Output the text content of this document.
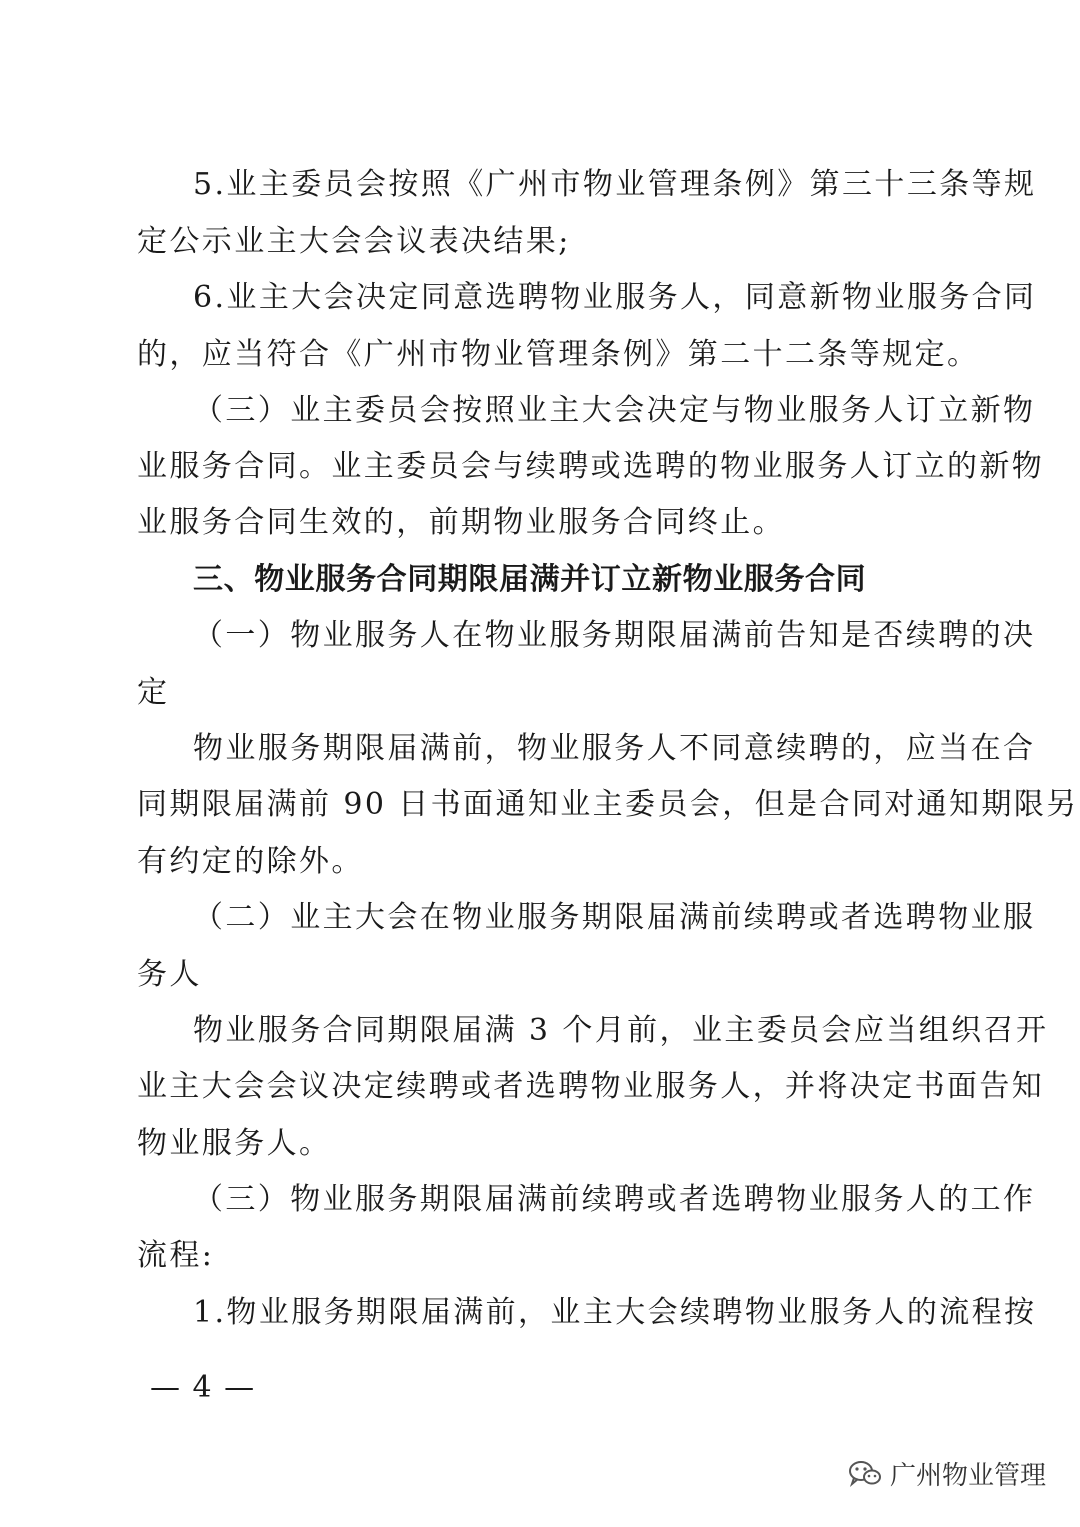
5.业主委员会按照《广州市物业管理条例》第三十三条等规
定公示业主大会会议表决结果;
6.业主大会决定同意选聘物业服务人，同意新物业服务合同
的，应当符合《广州市物业管理条例》第二十二条等规定。
（三）业主委员会按照业主大会决定与物业服务人订立新物
业服务合同。业主委员会与续聘或选聘的物业服务人订立的新物
业服务合同生效的，前期物业服务合同终止。
三、物业服务合同期限届满并订立新物业服务合同
（一）物业服务人在物业服务期限届满前告知是否续聘的决
定
物业服务期限届满前，物业服务人不同意续聘的，应当在合
同期限届满前 90 日书面通知业主委员会，但是合同对通知期限另
有约定的除外。
（二）业主大会在物业服务期限届满前续聘或者选聘物业服
务人
物业服务合同期限届满 3 个月前，业主委员会应当组织召开
业主大会会议决定续聘或者选聘物业服务人，并将决定书面告知
物业服务人。
（三）物业服务期限届满前续聘或者选聘物业服务人的工作
流程:
1.物业服务期限届满前，业主大会续聘物业服务人的流程按
— 4 —
广州物业管理
